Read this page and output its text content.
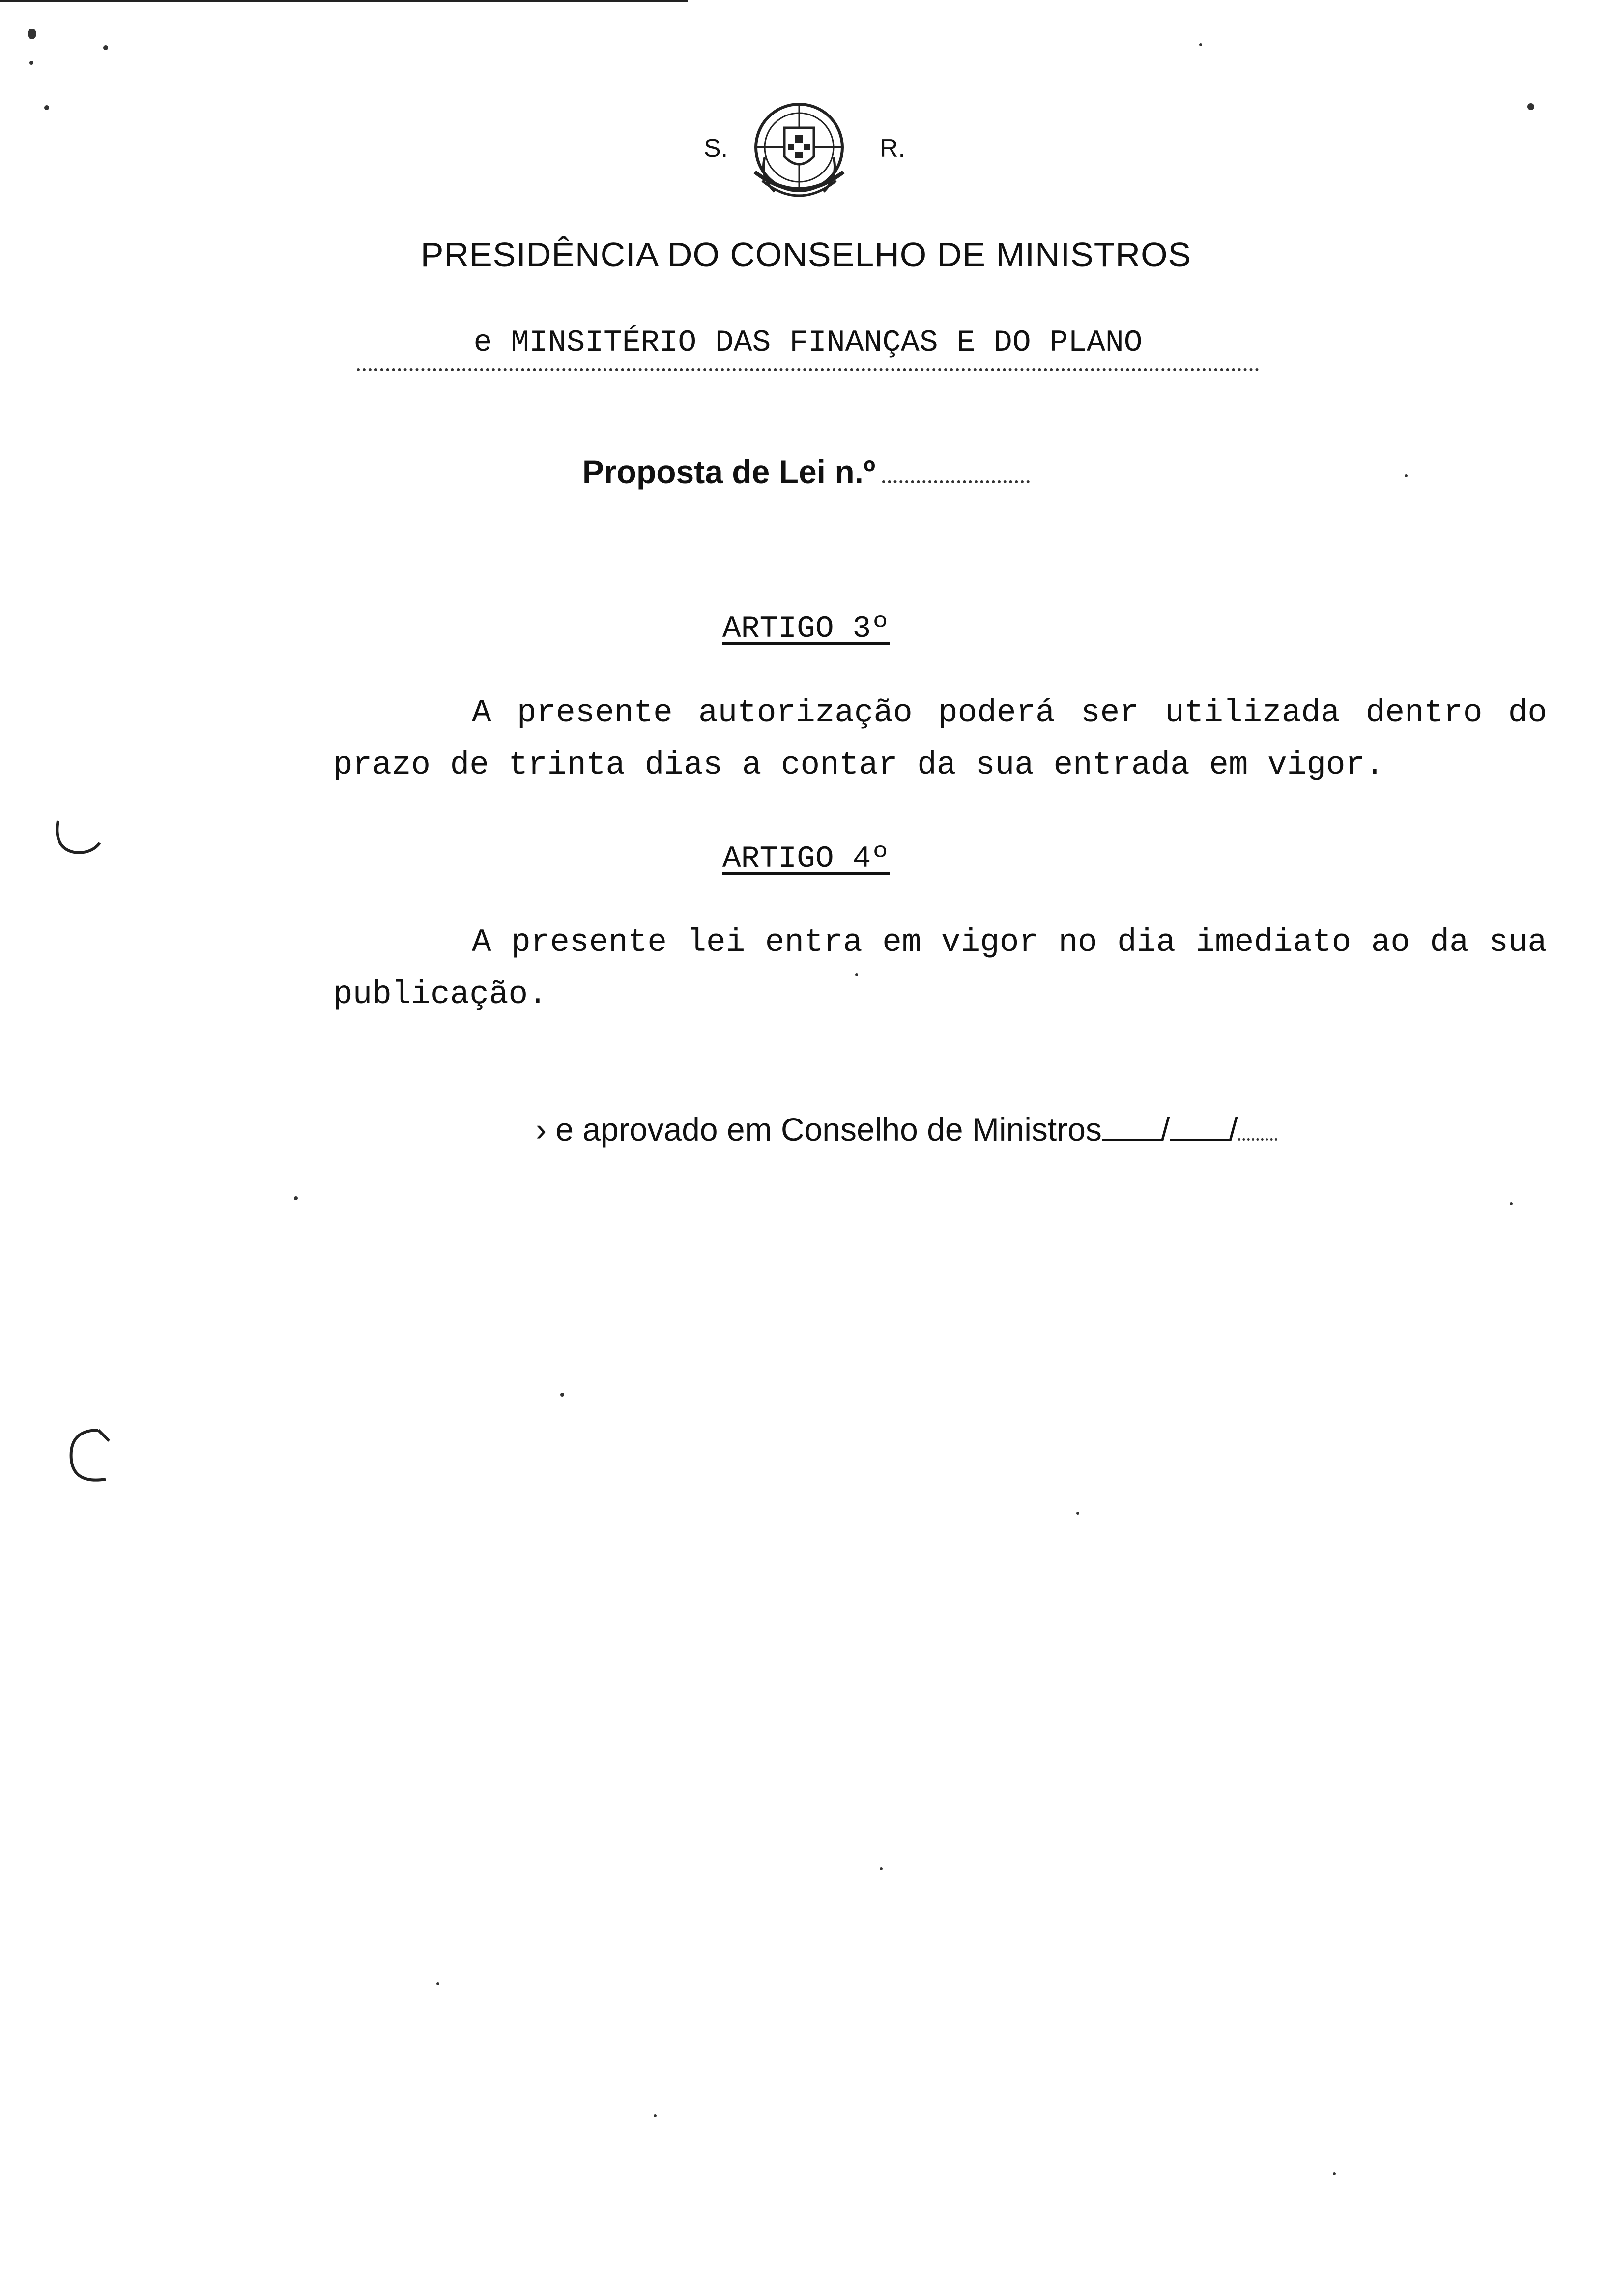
S.	R.
PRESIDÊNCIA DO CONSELHO DE MINISTROS
e MINSITÉRIO DAS FINANÇAS E DO PLANO
Proposta de Lei n.º
ARTIGO 3º

A presente autorização poderá ser utilizada dentro do prazo de trinta dias a contar da sua entrada em vigor.

ARTIGO 4º

A presente lei entra em vigor no dia imediato ao da sua publicação.

› e aprovado em Conselho de Ministros / /
